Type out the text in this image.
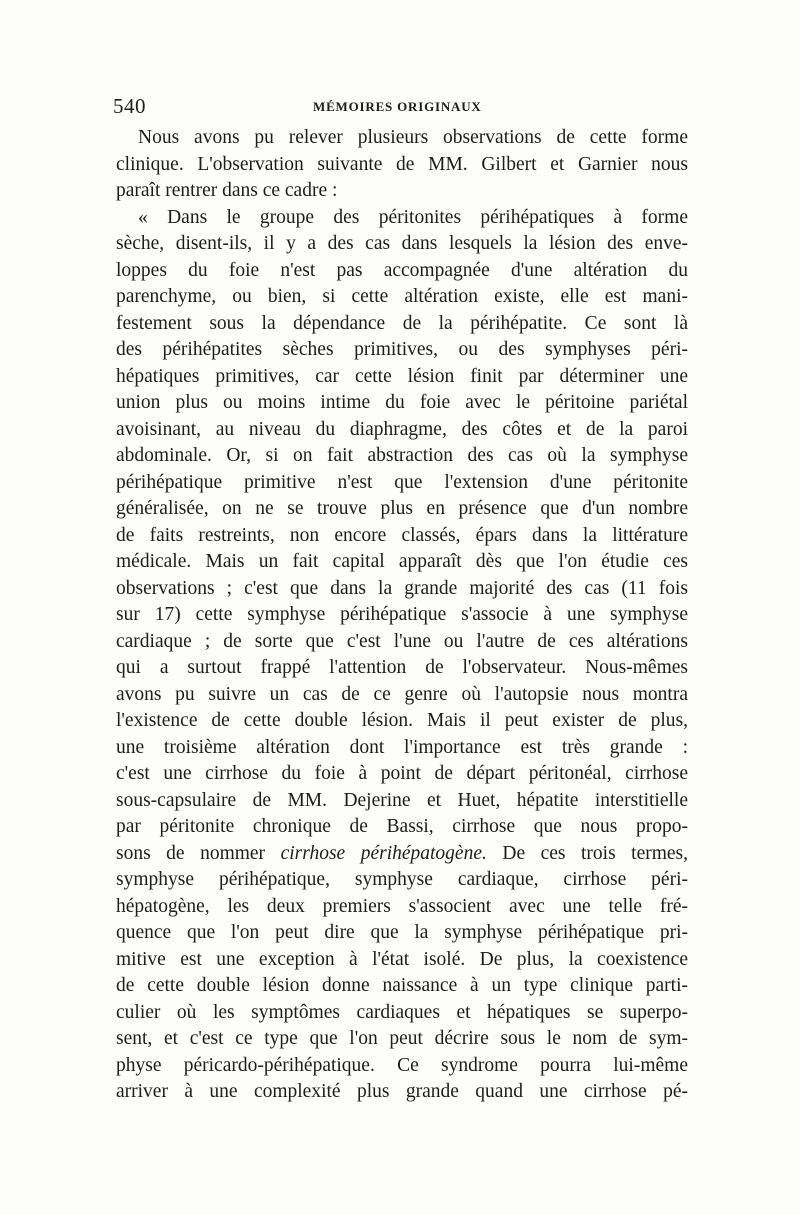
540	MÉMOIRES ORIGINAUX
Nous avons pu relever plusieurs observations de cette forme
clinique. L'observation suivante de MM. Gilbert et Garnier nous
paraît rentrer dans ce cadre :
« Dans le groupe des péritonites périhépatiques à forme
sèche, disent-ils, il y a des cas dans lesquels la lésion des enve-
loppes du foie n'est pas accompagnée d'une altération du
parenchyme, ou bien, si cette altération existe, elle est mani-
festement sous la dépendance de la périhépatite. Ce sont là
des périhépatites sèches primitives, ou des symphyses péri-
hépatiques primitives, car cette lésion finit par déterminer une
union plus ou moins intime du foie avec le péritoine pariétal
avoisinant, au niveau du diaphragme, des côtes et de la paroi
abdominale. Or, si on fait abstraction des cas où la symphyse
périhépatique primitive n'est que l'extension d'une péritonite
généralisée, on ne se trouve plus en présence que d'un nombre
de faits restreints, non encore classés, épars dans la littérature
médicale. Mais un fait capital apparaît dès que l'on étudie ces
observations ; c'est que dans la grande majorité des cas (11 fois
sur 17) cette symphyse périhépatique s'associe à une symphyse
cardiaque ; de sorte que c'est l'une ou l'autre de ces altérations
qui a surtout frappé l'attention de l'observateur. Nous-mêmes
avons pu suivre un cas de ce genre où l'autopsie nous montra
l'existence de cette double lésion. Mais il peut exister de plus,
une troisième altération dont l'importance est très grande :
c'est une cirrhose du foie à point de départ péritonéal, cirrhose
sous-capsulaire de MM. Dejerine et Huet, hépatite interstitielle
par péritonite chronique de Bassi, cirrhose que nous propo-
sons de nommer cirrhose périhépatogène. De ces trois termes,
symphyse périhépatique, symphyse cardiaque, cirrhose péri-
hépatogène, les deux premiers s'associent avec une telle fré-
quence que l'on peut dire que la symphyse périhépatique pri-
mitive est une exception à l'état isolé. De plus, la coexistence
de cette double lésion donne naissance à un type clinique parti-
culier où les symptômes cardiaques et hépatiques se superpo-
sent, et c'est ce type que l'on peut décrire sous le nom de sym-
physe péricardo-périhépatique. Ce syndrome pourra lui-même
arriver à une complexité plus grande quand une cirrhose pé-
